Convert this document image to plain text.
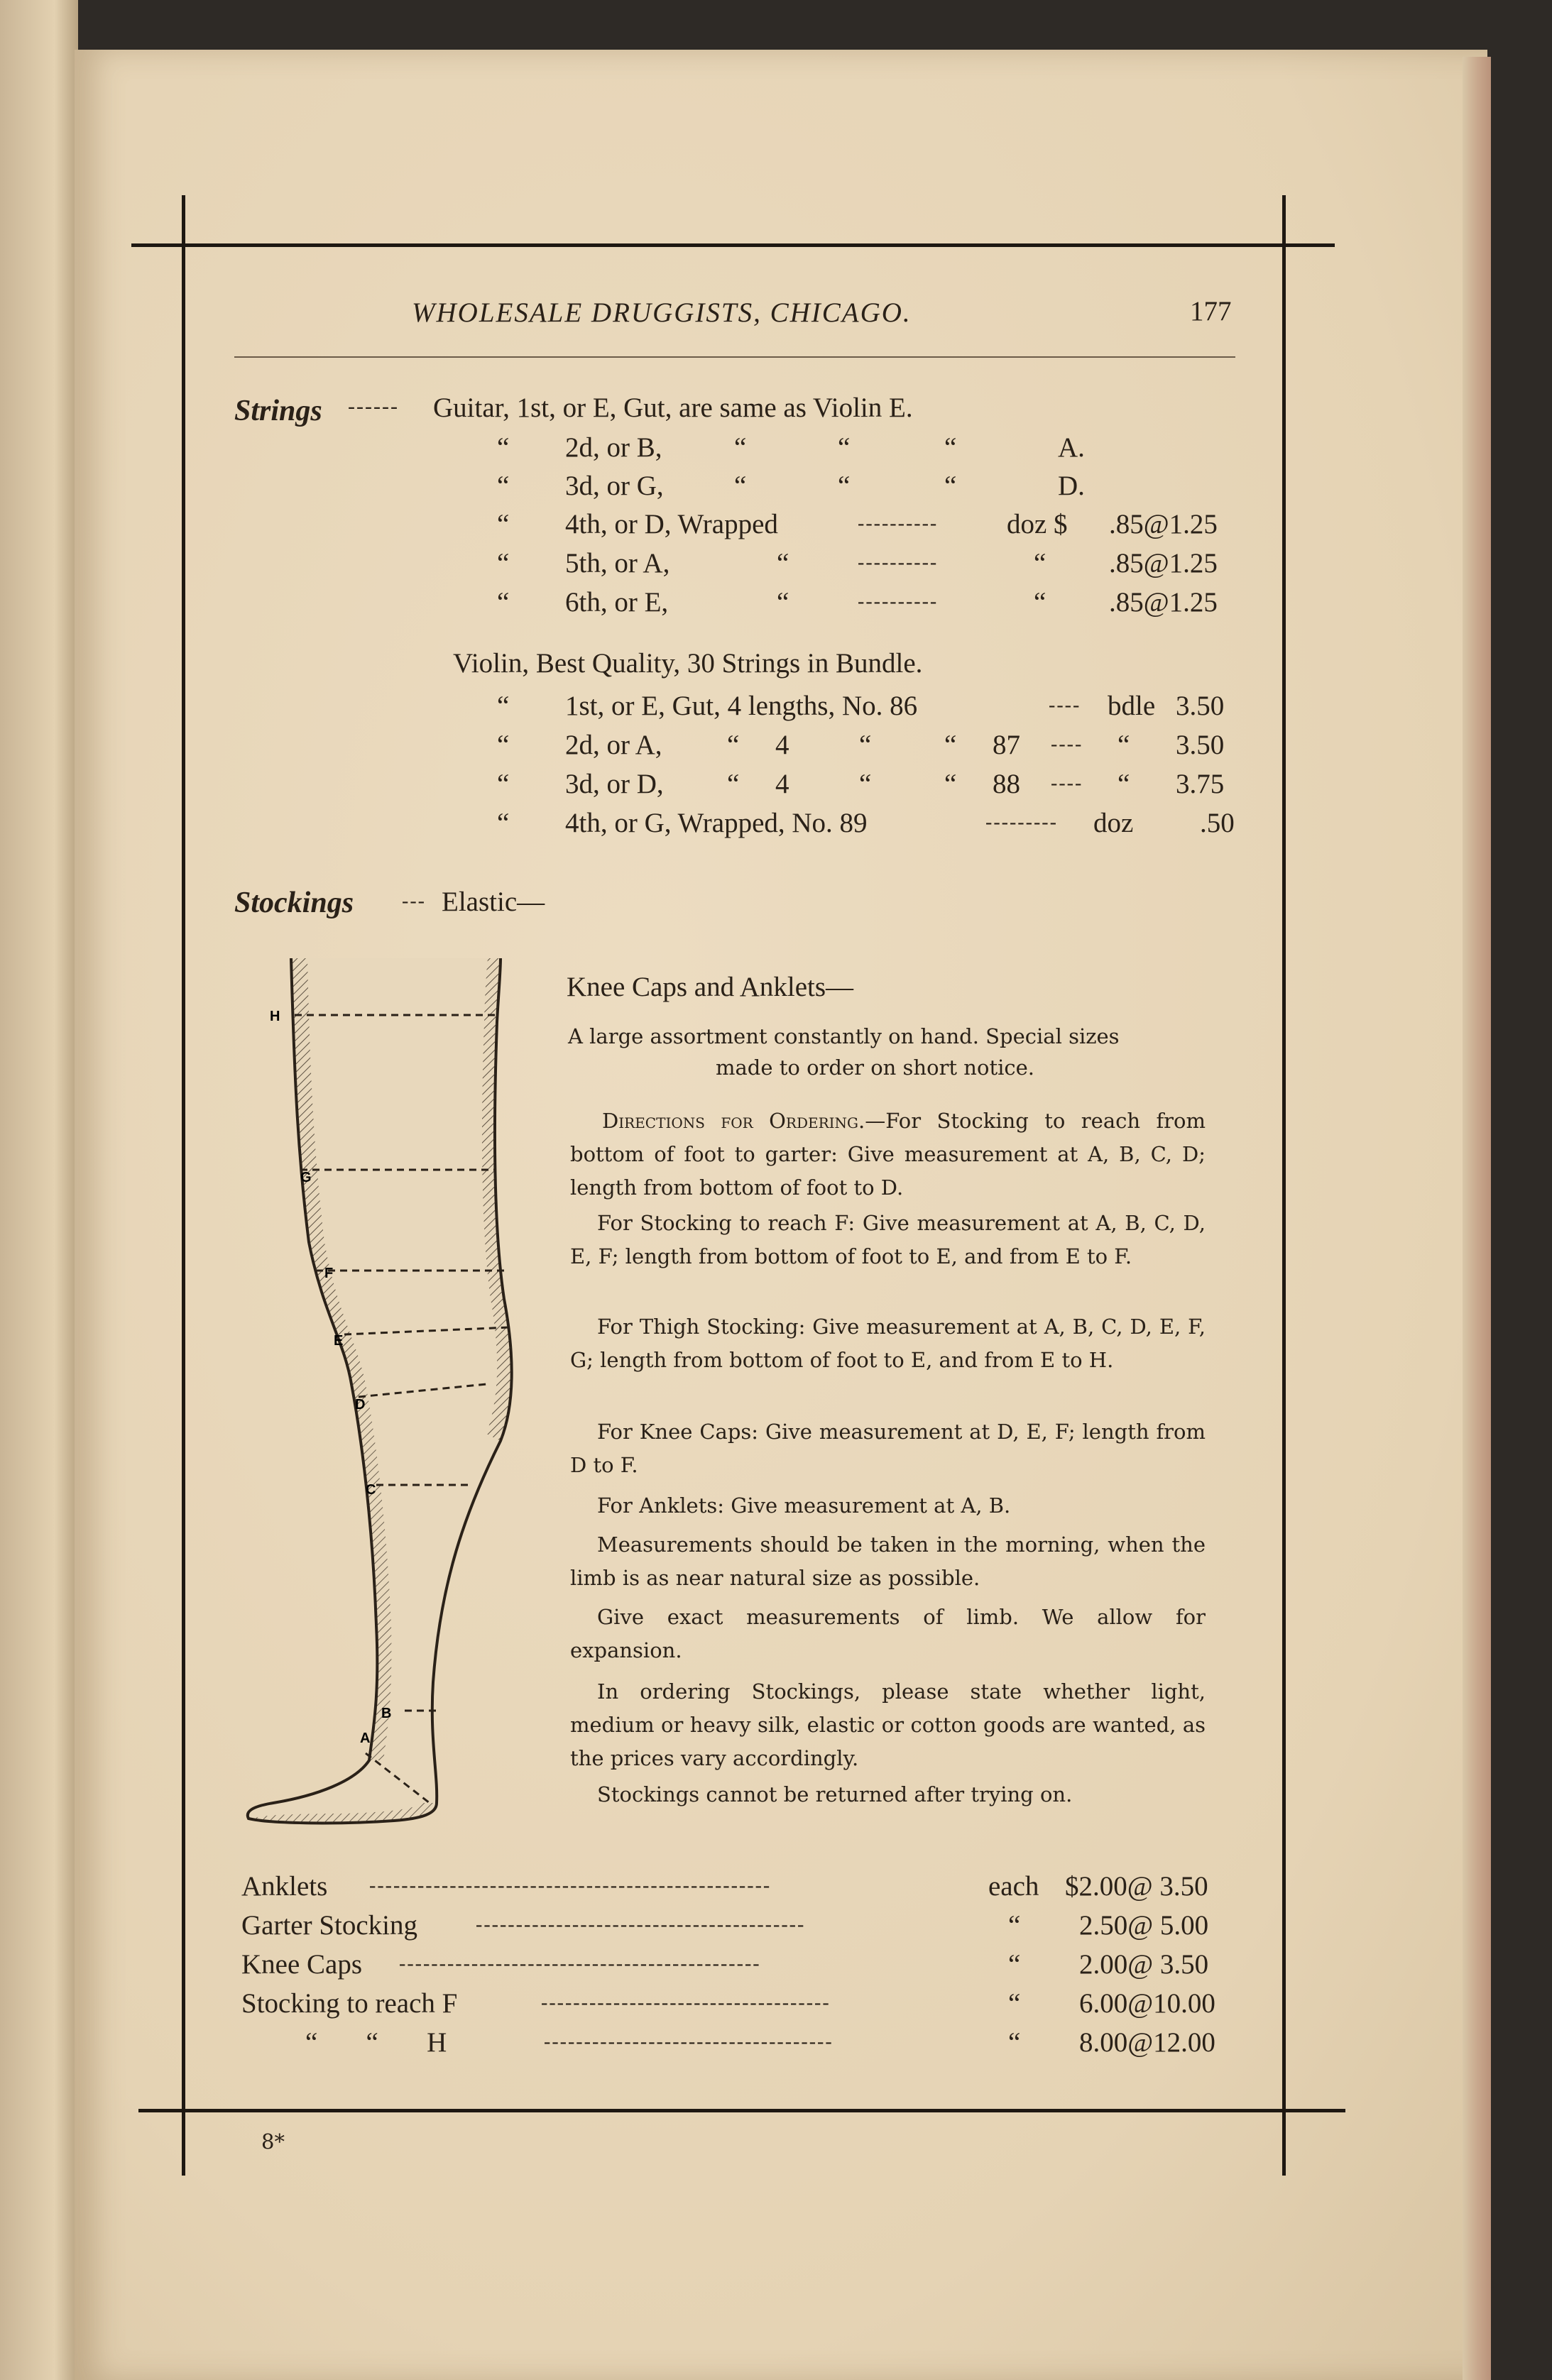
WHOLESALE DRUGGISTS, CHICAGO.	177
Strings ------ Guitar, 1st, or E, Gut, are same as Violin E.
“ 2d, or B,	“	“	“	A.
“ 3d, or G,	“	“	“	D.
“ 4th, or D, Wrapped	---------- doz $ .85@1.25
“ 5th, or A,	“	----------	“ .85@1.25
“ 6th, or E,	“	----------	“ .85@1.25
Violin, Best Quality, 30 Strings in Bundle.
“ 1st, or E, Gut, 4 lengths, No. 86	---- bdle 3.50
“ 2d, or A, “ 4	“	“ 87 ---- “ 3.50
“ 3d, or D, “ 4	“	“ 88 ---- “ 3.75
“ 4th, or G, Wrapped, No. 89	--------- doz .50
Stockings --- Elastic—
H
G
F
E
D
C
B
A
Knee Caps and Anklets—
A large assortment constantly on hand. Special sizes
made to order on short notice.
Directions for Ordering.—For Stocking to reach from bottom of foot to garter: Give measurement at A, B, C, D; length from bottom of foot to D.
For Stocking to reach F: Give measurement at A, B, C, D, E, F; length from bottom of foot to E, and from E to F.
For Thigh Stocking: Give measurement at A, B, C, D, E, F, G; length from bottom of foot to E, and from E to H.
For Knee Caps: Give measurement at D, E, F; length from D to F.
For Anklets: Give measurement at A, B.
Measurements should be taken in the morning, when the limb is as near natural size as possible.
Give exact measurements of limb. We allow for expansion.
In ordering Stockings, please state whether light, medium or heavy silk, elastic or cotton goods are wanted, as the prices vary accordingly.
Stockings cannot be returned after trying on.
Anklets --------------------------------------------------	each $2.00@ 3.50
Garter Stocking	-----------------------------------------	“ 2.50@ 5.00
Knee Caps ---------------------------------------------	“ 2.00@ 3.50
Stocking to reach F	------------------------------------	“ 6.00@10.00
“       “       H	------------------------------------	“ 8.00@12.00
8*
